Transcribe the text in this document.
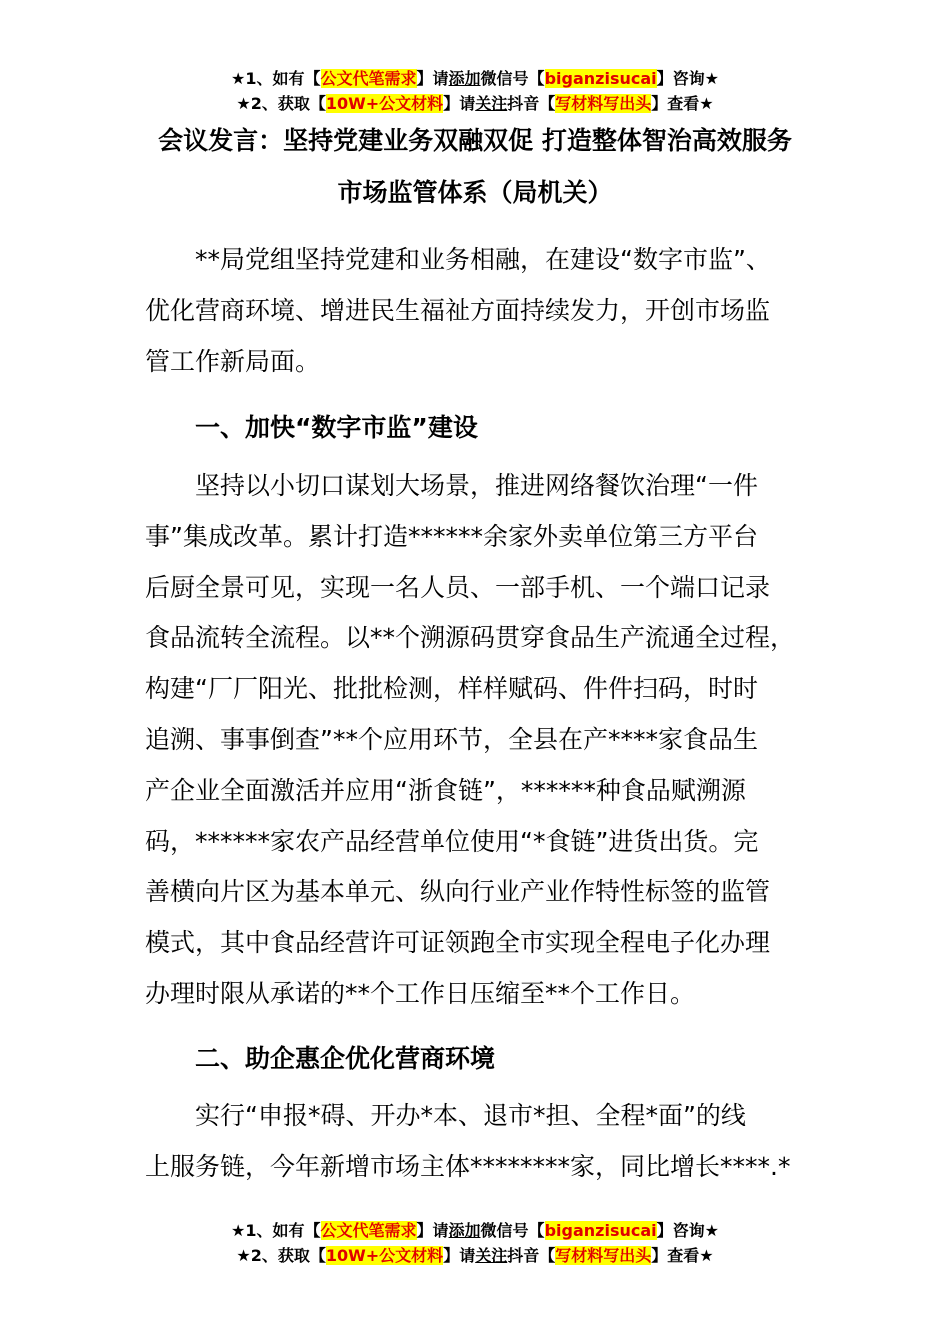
★1、如有【公文代笔需求】请添加微信号【biganzisucai】咨询★
★2、获取【10W+公文材料】请关注抖音【写材料写出头】查看★
会议发言：坚持党建业务双融双促 打造整体智治高效服务
市场监管体系（局机关）
**局党组坚持党建和业务相融，在建设“数字市监”、
优化营商环境、增进民生福祉方面持续发力，开创市场监
管工作新局面。
一、加快“数字市监”建设
坚持以小切口谋划大场景，推进网络餐饮治理“一件
事”集成改革。累计打造******余家外卖单位第三方平台
后厨全景可见，实现一名人员、一部手机、一个端口记录
食品流转全流程。以**个溯源码贯穿食品生产流通全过程，
构建“厂厂阳光、批批检测，样样赋码、件件扫码，时时
追溯、事事倒查”**个应用环节，全县在产****家食品生
产企业全面激活并应用“浙食链”，******种食品赋溯源
码，******家农产品经营单位使用“*食链”进货出货。完
善横向片区为基本单元、纵向行业产业作特性标签的监管
模式，其中食品经营许可证领跑全市实现全程电子化办理
办理时限从承诺的**个工作日压缩至**个工作日。
二、助企惠企优化营商环境
实行“申报*碍、开办*本、退市*担、全程*面”的线
上服务链，今年新增市场主体********家，同比增长****.*
★1、如有【公文代笔需求】请添加微信号【biganzisucai】咨询★
★2、获取【10W+公文材料】请关注抖音【写材料写出头】查看★
